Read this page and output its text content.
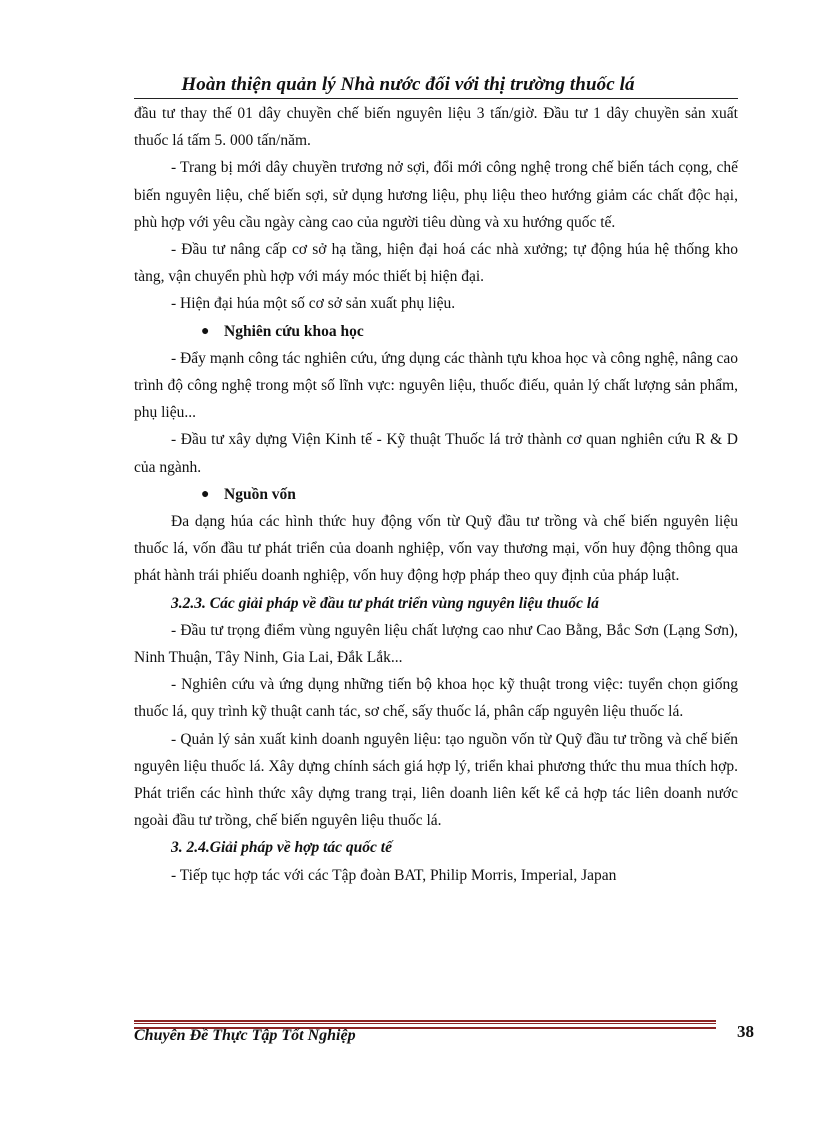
Hoàn thiện quản lý Nhà nước đối với thị trường thuốc lá

đầu tư thay thế 01 dây chuyền chế biến nguyên liệu 3 tấn/giờ. Đầu tư 1 dây chuyền sản xuất thuốc lá tấm 5. 000 tấn/năm.

- Trang bị mới dây chuyền trương nở sợi, đổi mới công nghệ trong chế biến tách cọng, chế biến nguyên liệu, chế biến sợi, sử dụng hương liệu, phụ liệu theo hướng giảm các chất độc hại, phù hợp với yêu cầu ngày càng cao của người tiêu dùng và xu hướng quốc tế.

- Đầu tư nâng cấp cơ sở hạ tầng, hiện đại hoá các nhà xưởng; tự động húa hệ thống kho tàng, vận chuyển phù hợp với máy móc thiết bị hiện đại.

- Hiện đại húa một số cơ sở sản xuất phụ liệu.

● Nghiên cứu khoa học

- Đẩy mạnh công tác nghiên cứu, ứng dụng các thành tựu khoa học và công nghệ, nâng cao trình độ công nghệ trong một số lĩnh vực: nguyên liệu, thuốc điếu, quản lý chất lượng sản phẩm, phụ liệu...

- Đầu tư xây dựng Viện Kinh tế - Kỹ thuật Thuốc lá trở thành cơ quan nghiên cứu R & D của ngành.

● Nguồn vốn

Đa dạng húa các hình thức huy động vốn từ Quỹ đầu tư trồng và chế biến nguyên liệu thuốc lá, vốn đầu tư phát triển của doanh nghiệp, vốn vay thương mại, vốn huy động thông qua phát hành trái phiếu doanh nghiệp, vốn huy động hợp pháp theo quy định của pháp luật.

3.2.3. Các giải pháp về đầu tư phát triển vùng nguyên liệu thuốc lá

- Đầu tư trọng điểm vùng nguyên liệu chất lượng cao như Cao Bằng, Bắc Sơn (Lạng Sơn), Ninh Thuận, Tây Ninh, Gia Lai, Đắk Lắk...

- Nghiên cứu và ứng dụng những tiến bộ khoa học kỹ thuật trong việc: tuyển chọn giống thuốc lá, quy trình kỹ thuật canh tác, sơ chế, sấy thuốc lá, phân cấp nguyên liệu thuốc lá.

- Quản lý sản xuất kinh doanh nguyên liệu: tạo nguồn vốn từ Quỹ đầu tư trồng và chế biến nguyên liệu thuốc lá. Xây dựng chính sách giá hợp lý, triển khai phương thức thu mua thích hợp. Phát triển các hình thức xây dựng trang trại, liên doanh liên kết kể cả hợp tác liên doanh nước ngoài đầu tư trồng, chế biến nguyên liệu thuốc lá.

3. 2.4.Giải pháp về hợp tác quốc tế

- Tiếp tục hợp tác với các Tập đoàn BAT, Philip Morris, Imperial, Japan

Chuyên Đề Thực Tập Tốt Nghiệp	38
